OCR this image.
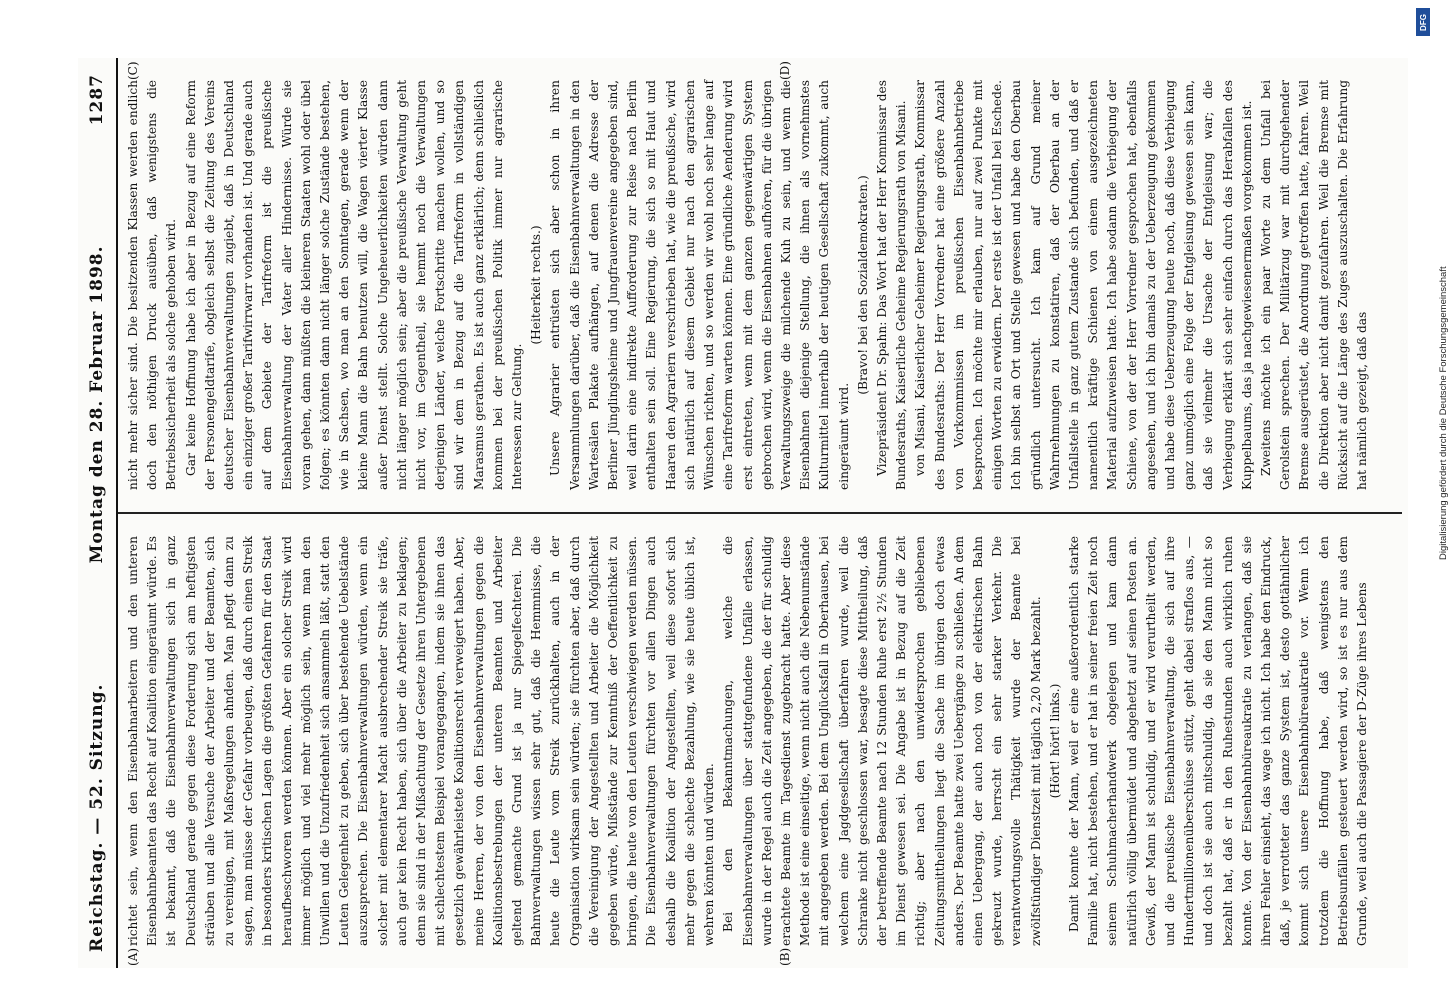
Reichstag. — 52. Sitzung.
Montag den 28. Februar 1898.
1287
(A)	(B)
(C)	(D)

richtet sein, wenn den Eisenbahnarbeitern und den unteren Eisenbahnbeamten das Recht auf Koalition eingeräumt würde. Es ist bekannt, daß die Eisenbahnverwaltungen sich in ganz Deutschland gerade gegen diese Forderung sich am heftigsten sträuben und alle Versuche der Arbeiter und der Beamten, sich zu vereinigen, mit Maßregelungen ahnden. Man pflegt dann zu sagen, man müsse der Gefahr vorbeugen, daß durch einen Streik in besonders kritischen Lagen die größten Gefahren für den Staat heraufbeschworen werden können. Aber ein solcher Streik wird immer möglich und viel mehr möglich sein, wenn man den Unwillen und die Unzufriedenheit sich ansammeln läßt, statt den Leuten Gelegenheit zu geben, sich über bestehende Uebelstände auszusprechen. Die Eisenbahnverwaltungen würden, wenn ein solcher mit elementarer Macht ausbrechender Streik sie träfe, auch gar kein Recht haben, sich über die Arbeiter zu beklagen; denn sie sind in der Mißachtung der Gesetze ihren Untergebenen mit schlechtestem Beispiel vorangegangen, indem sie ihnen das gesetzlich gewährleistete Koalitionsrecht verweigert haben. Aber, meine Herren, der von den Eisenbahnverwaltungen gegen die Koalitionsbestrebungen der unteren Beamten und Arbeiter geltend gemachte Grund ist ja nur Spiegelfechterei. Die Bahnverwaltungen wissen sehr gut, daß die Hemmnisse, die heute die Leute vom Streik zurückhalten, auch in der Organisation wirksam sein würden; sie fürchten aber, daß durch die Vereinigung der Angestellten und Arbeiter die Möglichkeit gegeben würde, Mißstände zur Kenntniß der Oeffentlichkeit zu bringen, die heute von den Leuten verschwiegen werden müssen. Die Eisenbahnverwaltungen fürchten vor allen Dingen auch deshalb die Koalition der Angestellten, weil diese sofort sich mehr gegen die schlechte Bezahlung, wie sie heute üblich ist, wehren könnten und würden. Bei den Bekanntmachungen, welche die Eisenbahnverwaltungen über stattgefundene Unfälle erlassen, wurde in der Regel auch die Zeit angegeben, die der für schuldig erachtete Beamte im Tagesdienst zugebracht hatte. Aber diese Methode ist eine einseitige, wenn nicht auch die Nebenumstände mit angegeben werden. Bei dem Unglücksfall in Oberhausen, bei welchem eine Jagdgesellschaft überfahren wurde, weil die Schranke nicht geschlossen war, besagte diese Mittheilung, daß der betreffende Beamte nach 12 Stunden Ruhe erst 2½ Stunden im Dienst gewesen sei. Die Angabe ist in Bezug auf die Zeit richtig; aber nach den unwidersprochen gebliebenen Zeitungsmittheilungen liegt die Sache im übrigen doch etwas anders. Der Beamte hatte zwei Uebergänge zu schließen. An dem einen Uebergang, der auch noch von der elektrischen Bahn gekreuzt wurde, herrscht ein sehr starker Verkehr. Die verantwortungsvolle Thätigkeit wurde der Beamte bei zwölfstündiger Dienstzeit mit täglich 2,20 Mark bezahlt. (Hört! hört! links.) Damit konnte der Mann, weil er eine außerordentlich starke Familie hat, nicht bestehen, und er hat in seiner freien Zeit noch seinem Schuhmacherhandwerk obgelegen und kam dann natürlich völlig übermüdet und abgehetzt auf seinen Posten an. Gewiß, der Mann ist schuldig, und er wird verurtheilt werden, und die preußische Eisenbahnverwaltung, die sich auf ihre Hundertmillionenüberschüsse stützt, geht dabei straflos aus, — und doch ist sie auch mitschuldig, da sie den Mann nicht so bezahlt hat, daß er in den Ruhestunden auch wirklich ruhen konnte. Von der Eisenbahnbüreaukratie zu verlangen, daß sie ihren Fehler einsieht, das wage ich nicht. Ich habe den Eindruck, daß, je verrotteter das ganze System ist, desto gottähnlicher kommt sich unsere Eisenbahnbüreaukratie vor. Wenn ich trotzdem die Hoffnung habe, daß wenigstens den Betriebsunfällen gesteuert werden wird, so ist es nur aus dem Grunde, weil auch die Passagiere der D-Züge ihres Lebens

nicht mehr sicher sind. Die besitzenden Klassen werden endlich doch den nöthigen Druck ausüben, daß wenigstens die Betriebssicherheit als solche gehoben wird. Gar keine Hoffnung habe ich aber in Bezug auf eine Reform der Personengeldtarife, obgleich selbst die Zeitung des Vereins deutscher Eisenbahnverwaltungen zugiebt, daß in Deutschland ein einziger großer Tarifwirrwarr vorhanden ist. Und gerade auch auf dem Gebiete der Tarifreform ist die preußische Eisenbahnverwaltung der Vater aller Hindernisse. Würde sie voran gehen, dann müßten die kleineren Staaten wohl oder übel folgen; es könnten dann nicht länger solche Zustände bestehen, wie in Sachsen, wo man an den Sonntagen, gerade wenn der kleine Mann die Bahn benutzen will, die Wagen vierter Klasse außer Dienst stellt. Solche Ungeheuerlichkeiten würden dann nicht länger möglich sein; aber die preußische Verwaltung geht nicht vor, im Gegentheil, sie hemmt noch die Verwaltungen derjenigen Länder, welche Fortschritte machen wollen, und so sind wir dem in Bezug auf die Tarifreform in vollständigen Marasmus gerathen. Es ist auch ganz erklärlich; denn schließlich kommen bei der preußischen Politik immer nur agrarische Interessen zur Geltung.

(Heiterkeit rechts.) Unsere Agrarier entrüsten sich aber schon in ihren Versammlungen darüber, daß die Eisenbahnverwaltungen in den Wartesälen Plakate aufhängen, auf denen die Adresse der Berliner Jünglingsheime und Jungfrauenvereine angegeben sind, weil darin eine indirekte Aufforderung zur Reise nach Berlin enthalten sein soll. Eine Regierung, die sich so mit Haut und Haaren den Agrariern verschrieben hat, wie die preußische, wird sich natürlich auf diesem Gebiet nur nach den agrarischen Wünschen richten, und so werden wir wohl noch sehr lange auf eine Tarifreform warten können. Eine gründliche Aenderung wird erst eintreten, wenn mit dem ganzen gegenwärtigen System gebrochen wird, wenn die Eisenbahnen aufhören, für die übrigen Verwaltungszweige die milchende Kuh zu sein, und wenn die Eisenbahnen diejenige Stellung, die ihnen als vornehmstes Kulturmittel innerhalb der heutigen Gesellschaft zukommt, auch eingeräumt wird.

(Bravo! bei den Sozialdemokraten.) Vizepräsident Dr. Spahn: Das Wort hat der Herr Kommissar des Bundesraths, Kaiserliche Geheime Regierungsrath von Misani. von Misani, Kaiserlicher Geheimer Regierungsrath, Kommissar des Bundesraths: Der Herr Vorredner hat eine größere Anzahl von Vorkommnissen im preußischen Eisenbahnbetriebe besprochen. Ich möchte mir erlauben, nur auf zwei Punkte mit einigen Worten zu erwidern. Der erste ist der Unfall bei Eschede. Ich bin selbst an Ort und Stelle gewesen und habe den Oberbau gründlich untersucht. Ich kam auf Grund meiner Wahrnehmungen zu konstatiren, daß der Oberbau an der Unfallstelle in ganz gutem Zustande sich befunden, und daß er namentlich kräftige Schienen von einem ausgezeichneten Material aufzuweisen hatte. Ich habe sodann die Verbiegung der Schiene, von der der Herr Vorredner gesprochen hat, ebenfalls angesehen, und ich bin damals zu der Ueberzeugung gekommen und habe diese Ueberzeugung heute noch, daß diese Verbiegung ganz unmöglich eine Folge der Entgleisung gewesen sein kann, daß sie vielmehr die Ursache der Entgleisung war; die Verbiegung erklärt sich sehr einfach durch das Herabfallen des Kuppelbaums, das ja nachgewiesenermaßen vorgekommen ist. Zweitens möchte ich ein paar Worte zu dem Unfall bei Gerolstein sprechen. Der Militärzug war mit durchgehender Bremse ausgerüstet, die Anordnung getroffen hatte, fahren. Weil die Direktion aber nicht damit gezufahren. Weil die Bremse mit Rücksicht auf die Länge des Zuges auszuschalten. Die Erfahrung hat nämlich gezeigt, daß das

DFG
Digitalisierung gefördert durch die Deutsche Forschungsgemeinschaft
